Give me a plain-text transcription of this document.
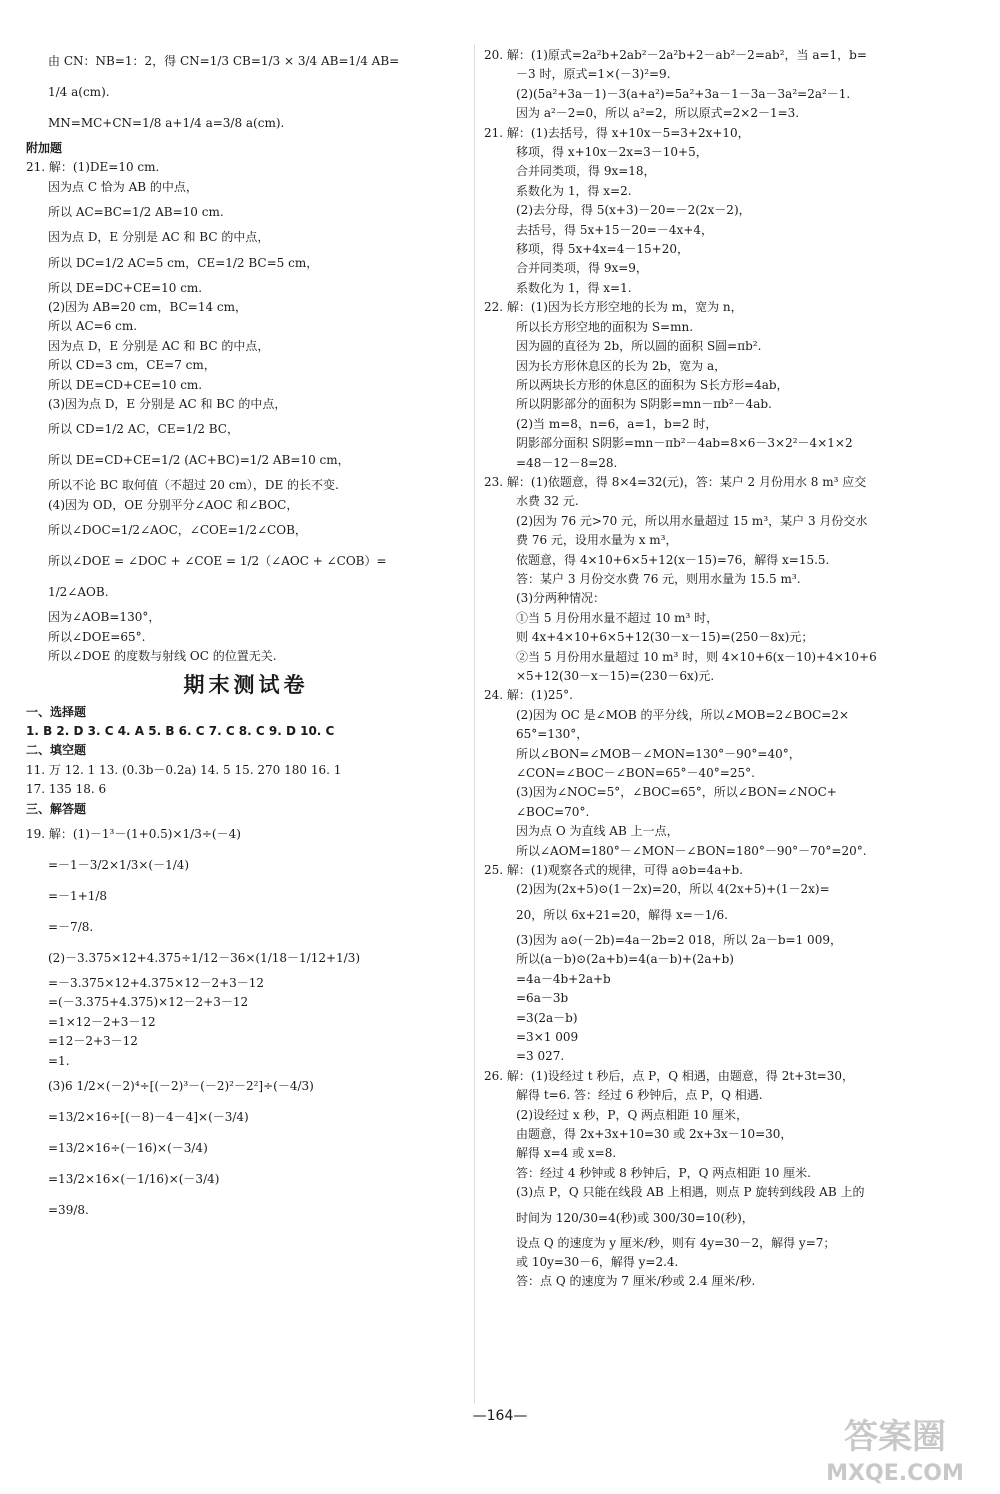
由 CN：NB=1：2，得 CN=1/3 CB=1/3 × 3/4 AB=1/4 AB=
1/4 a(cm).
MN=MC+CN=1/8 a+1/4 a=3/8 a(cm).
附加题
21. 解：(1)DE=10 cm.
因为点 C 恰为 AB 的中点，
所以 AC=BC=1/2 AB=10 cm.
因为点 D，E 分别是 AC 和 BC 的中点，
所以 DC=1/2 AC=5 cm，CE=1/2 BC=5 cm，
所以 DE=DC+CE=10 cm.
(2)因为 AB=20 cm，BC=14 cm，
所以 AC=6 cm.
因为点 D，E 分别是 AC 和 BC 的中点，
所以 CD=3 cm，CE=7 cm，
所以 DE=CD+CE=10 cm.
(3)因为点 D，E 分别是 AC 和 BC 的中点，
所以 CD=1/2 AC，CE=1/2 BC，
所以 DE=CD+CE=1/2 (AC+BC)=1/2 AB=10 cm，
所以不论 BC 取何值（不超过 20 cm），DE 的长不变.
(4)因为 OD，OE 分别平分∠AOC 和∠BOC，
所以∠DOC=1/2∠AOC，∠COE=1/2∠COB，
所以∠DOE = ∠DOC + ∠COE = 1/2（∠AOC + ∠COB）=
1/2∠AOB.
因为∠AOB=130°，
所以∠DOE=65°.
所以∠DOE 的度数与射线 OC 的位置无关.
期末测试卷
一、选择题
1. B 2. D 3. C 4. A 5. B 6. C 7. C 8. C 9. D 10. C
二、填空题
11. 万 12. 1 13. (0.3b－0.2a) 14. 5 15. 270 180 16. 1
17. 135 18. 6
三、解答题
19. 解：(1)－1³－(1+0.5)×1/3÷(－4)
=－1－3/2×1/3×(－1/4)
=－1+1/8
=－7/8.
(2)－3.375×12+4.375÷1/12－36×(1/18－1/12+1/3)
=－3.375×12+4.375×12－2+3－12
=(－3.375+4.375)×12－2+3－12
=1×12－2+3－12
=12－2+3－12
=1.
(3)6 1/2×(－2)⁴÷[(－2)³－(－2)²－2²]÷(－4/3)
=13/2×16÷[(－8)－4－4]×(－3/4)
=13/2×16÷(－16)×(－3/4)
=13/2×16×(－1/16)×(－3/4)
=39/8.
20. 解：(1)原式=2a²b+2ab²－2a²b+2－ab²－2=ab²，当 a=1，b=
－3 时，原式=1×(－3)²=9.
(2)(5a²+3a－1)－3(a+a²)=5a²+3a－1－3a－3a²=2a²－1.
因为 a²－2=0，所以 a²=2，所以原式=2×2－1=3.
21. 解：(1)去括号，得 x+10x－5=3+2x+10，
移项，得 x+10x－2x=3－10+5，
合并同类项，得 9x=18，
系数化为 1，得 x=2.
(2)去分母，得 5(x+3)－20=－2(2x－2)，
去括号，得 5x+15－20=－4x+4，
移项，得 5x+4x=4－15+20，
合并同类项，得 9x=9，
系数化为 1，得 x=1.
22. 解：(1)因为长方形空地的长为 m，宽为 n，
所以长方形空地的面积为 S=mn.
因为圆的直径为 2b，所以圆的面积 S圆=πb².
因为长方形休息区的长为 2b，宽为 a，
所以两块长方形的休息区的面积为 S长方形=4ab，
所以阴影部分的面积为 S阴影=mn－πb²－4ab.
(2)当 m=8，n=6，a=1，b=2 时，
阴影部分面积 S阴影=mn－πb²－4ab=8×6－3×2²－4×1×2
=48－12－8=28.
23. 解：(1)依题意，得 8×4=32(元)，答：某户 2 月份用水 8 m³ 应交
水费 32 元.
(2)因为 76 元>70 元，所以用水量超过 15 m³，某户 3 月份交水
费 76 元，设用水量为 x m³，
依题意，得 4×10+6×5+12(x－15)=76，解得 x=15.5.
答：某户 3 月份交水费 76 元，则用水量为 15.5 m³.
(3)分两种情况：
①当 5 月份用水量不超过 10 m³ 时，
则 4x+4×10+6×5+12(30－x－15)=(250－8x)元；
②当 5 月份用水量超过 10 m³ 时，则 4×10+6(x－10)+4×10+6
×5+12(30－x－15)=(230－6x)元.
24. 解：(1)25°.
(2)因为 OC 是∠MOB 的平分线，所以∠MOB=2∠BOC=2×
65°=130°，
所以∠BON=∠MOB－∠MON=130°－90°=40°，
∠CON=∠BOC－∠BON=65°－40°=25°.
(3)因为∠NOC=5°，∠BOC=65°，所以∠BON=∠NOC+
∠BOC=70°.
因为点 O 为直线 AB 上一点，
所以∠AOM=180°－∠MON－∠BON=180°－90°－70°=20°.
25. 解：(1)观察各式的规律，可得 a⊙b=4a+b.
(2)因为(2x+5)⊙(1－2x)=20，所以 4(2x+5)+(1－2x)=
20，所以 6x+21=20，解得 x=－1/6.
(3)因为 a⊙(－2b)=4a－2b=2 018，所以 2a－b=1 009，
所以(a－b)⊙(2a+b)=4(a－b)+(2a+b)
=4a－4b+2a+b
=6a－3b
=3(2a－b)
=3×1 009
=3 027.
26. 解：(1)设经过 t 秒后，点 P，Q 相遇，由题意，得 2t+3t=30，
解得 t=6. 答：经过 6 秒钟后，点 P，Q 相遇.
(2)设经过 x 秒，P，Q 两点相距 10 厘米，
由题意，得 2x+3x+10=30 或 2x+3x－10=30，
解得 x=4 或 x=8.
答：经过 4 秒钟或 8 秒钟后，P，Q 两点相距 10 厘米.
(3)点 P，Q 只能在线段 AB 上相遇，则点 P 旋转到线段 AB 上的
时间为 120/30=4(秒)或 300/30=10(秒)，
设点 Q 的速度为 y 厘米/秒，则有 4y=30－2，解得 y=7；
或 10y=30－6，解得 y=2.4.
答：点 Q 的速度为 7 厘米/秒或 2.4 厘米/秒.
—164—
答案圈
MXQE.COM
